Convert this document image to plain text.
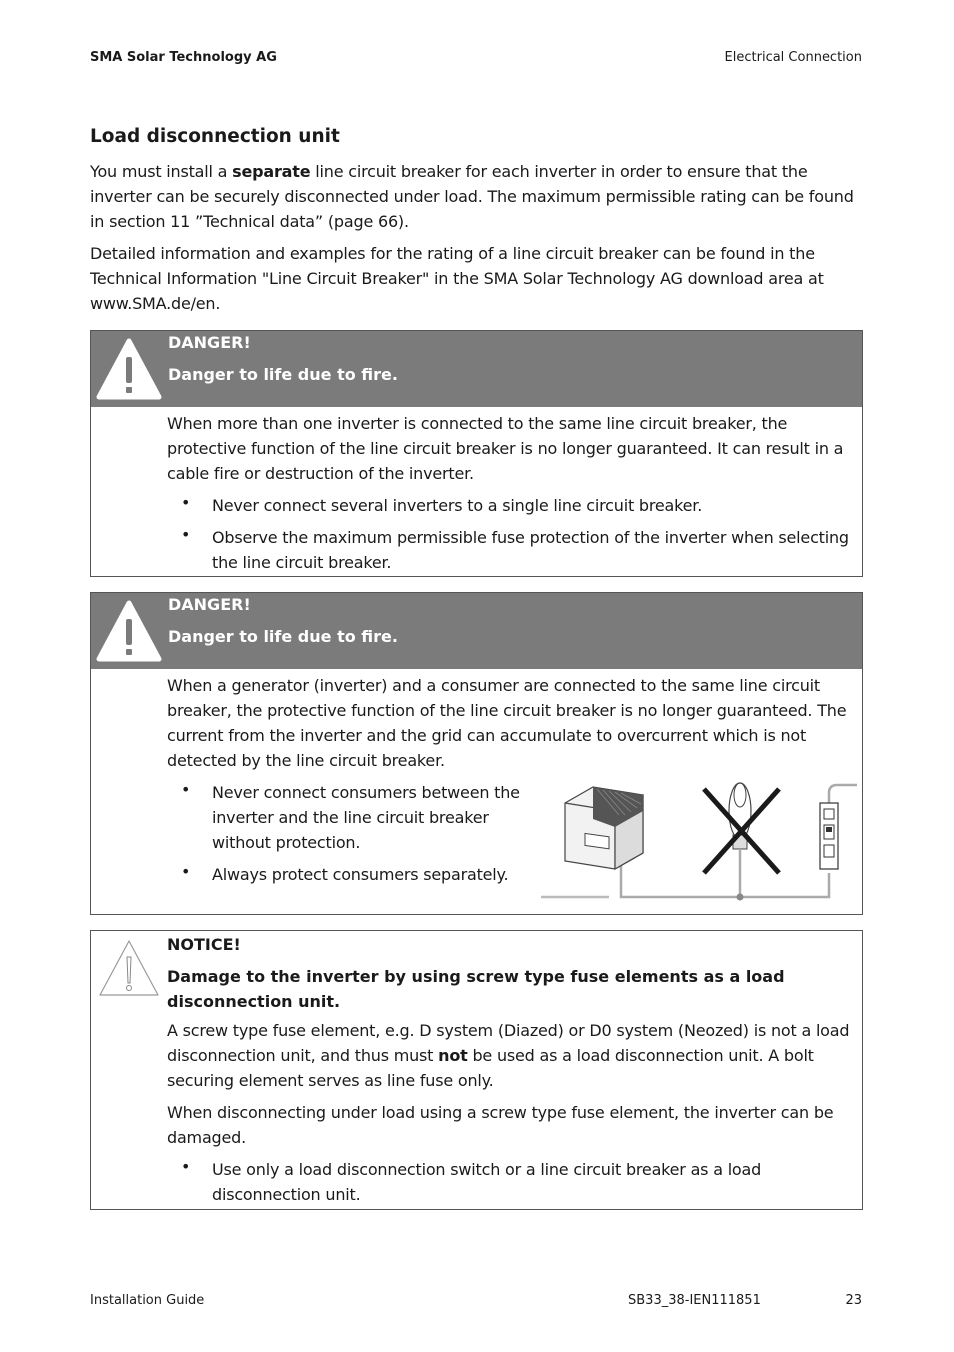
SMA Solar Technology AG	Electrical Connection
Load disconnection unit
You must install a separate line circuit breaker for each inverter in order to ensure that the inverter can be securely disconnected under load. The maximum permissible rating can be found in section 11 ”Technical data” (page 66).
Detailed information and examples for the rating of a line circuit breaker can be found in the Technical Information "Line Circuit Breaker" in the SMA Solar Technology AG download area at www.SMA.de/en.
DANGER!
Danger to life due to fire.
When more than one inverter is connected to the same line circuit breaker, the protective function of the line circuit breaker is no longer guaranteed. It can result in a cable fire or destruction of the inverter.
• Never connect several inverters to a single line circuit breaker.
• Observe the maximum permissible fuse protection of the inverter when selecting the line circuit breaker.
DANGER!
Danger to life due to fire.
When a generator (inverter) and a consumer are connected to the same line circuit breaker, the protective function of the line circuit breaker is no longer guaranteed. The current from the inverter and the grid can accumulate to overcurrent which is not detected by the line circuit breaker.
• Never connect consumers between the inverter and the line circuit breaker without protection.
• Always protect consumers separately.
NOTICE!
Damage to the inverter by using screw type fuse elements as a load disconnection unit.
A screw type fuse element, e.g. D system (Diazed) or D0 system (Neozed) is not a load disconnection unit, and thus must not be used as a load disconnection unit. A bolt securing element serves as line fuse only.
When disconnecting under load using a screw type fuse element, the inverter can be damaged.
• Use only a load disconnection switch or a line circuit breaker as a load disconnection unit.
Installation Guide	SB33_38-IEN111851	23
